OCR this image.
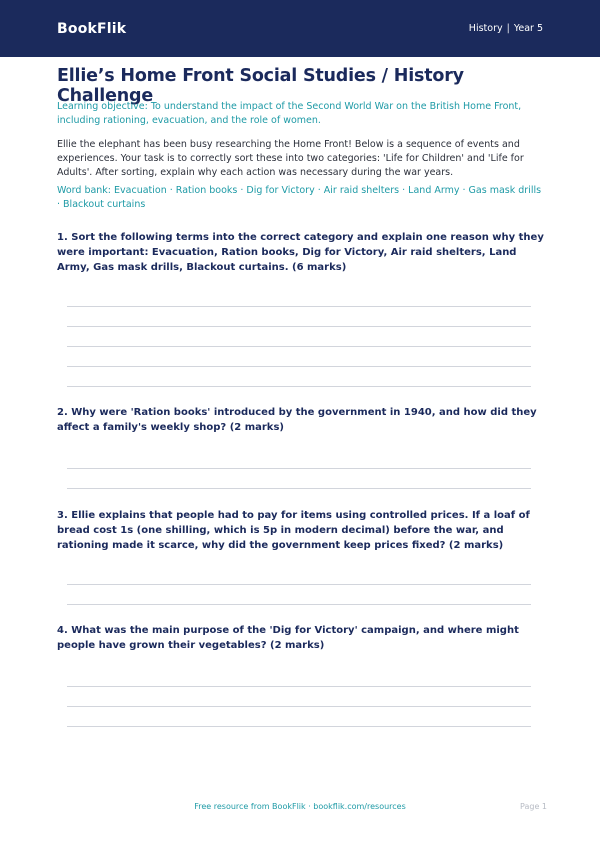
BookFlik	History | Year 5
Ellie’s Home Front Social Studies / History Challenge
Learning objective: To understand the impact of the Second World War on the British Home Front, including rationing, evacuation, and the role of women.
Ellie the elephant has been busy researching the Home Front! Below is a sequence of events and experiences. Your task is to correctly sort these into two categories: 'Life for Children' and 'Life for Adults'. After sorting, explain why each action was necessary during the war years.
Word bank: Evacuation · Ration books · Dig for Victory · Air raid shelters · Land Army · Gas mask drills · Blackout curtains
1. Sort the following terms into the correct category and explain one reason why they were important: Evacuation, Ration books, Dig for Victory, Air raid shelters, Land Army, Gas mask drills, Blackout curtains. (6 marks)
2. Why were 'Ration books' introduced by the government in 1940, and how did they affect a family's weekly shop? (2 marks)
3. Ellie explains that people had to pay for items using controlled prices. If a loaf of bread cost 1s (one shilling, which is 5p in modern decimal) before the war, and rationing made it scarce, why did the government keep prices fixed? (2 marks)
4. What was the main purpose of the 'Dig for Victory' campaign, and where might people have grown their vegetables? (2 marks)
Free resource from BookFlik · bookflik.com/resources	Page 1
